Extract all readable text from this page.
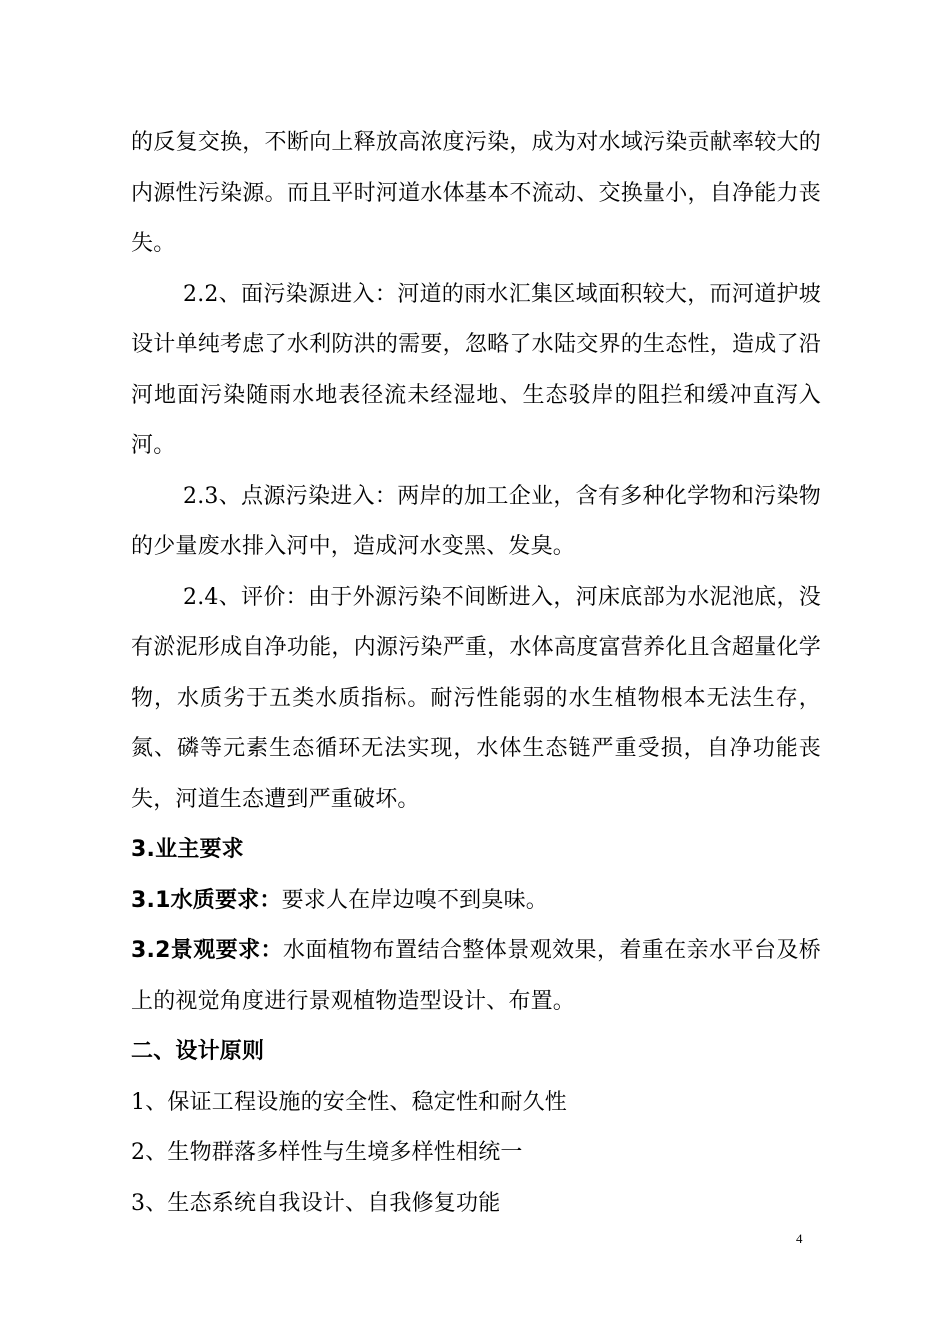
的反复交换，不断向上释放高浓度污染，成为对水域污染贡献率较大的内源性污染源。而且平时河道水体基本不流动、交换量小，自净能力丧失。

2.2、面污染源进入：河道的雨水汇集区域面积较大，而河道护坡设计单纯考虑了水利防洪的需要，忽略了水陆交界的生态性，造成了沿河地面污染随雨水地表径流未经湿地、生态驳岸的阻拦和缓冲直泻入河。

2.3、点源污染进入：两岸的加工企业，含有多种化学物和污染物的少量废水排入河中，造成河水变黑、发臭。

2.4、评价：由于外源污染不间断进入，河床底部为水泥池底，没有淤泥形成自净功能，内源污染严重，水体高度富营养化且含超量化学物，水质劣于五类水质指标。耐污性能弱的水生植物根本无法生存，氮、磷等元素生态循环无法实现，水体生态链严重受损，自净功能丧失，河道生态遭到严重破坏。

3.业主要求

3.1水质要求：要求人在岸边嗅不到臭味。

3.2景观要求：水面植物布置结合整体景观效果，着重在亲水平台及桥上的视觉角度进行景观植物造型设计、布置。

二、设计原则

1、保证工程设施的安全性、稳定性和耐久性

2、生物群落多样性与生境多样性相统一

3、生态系统自我设计、自我修复功能

4
